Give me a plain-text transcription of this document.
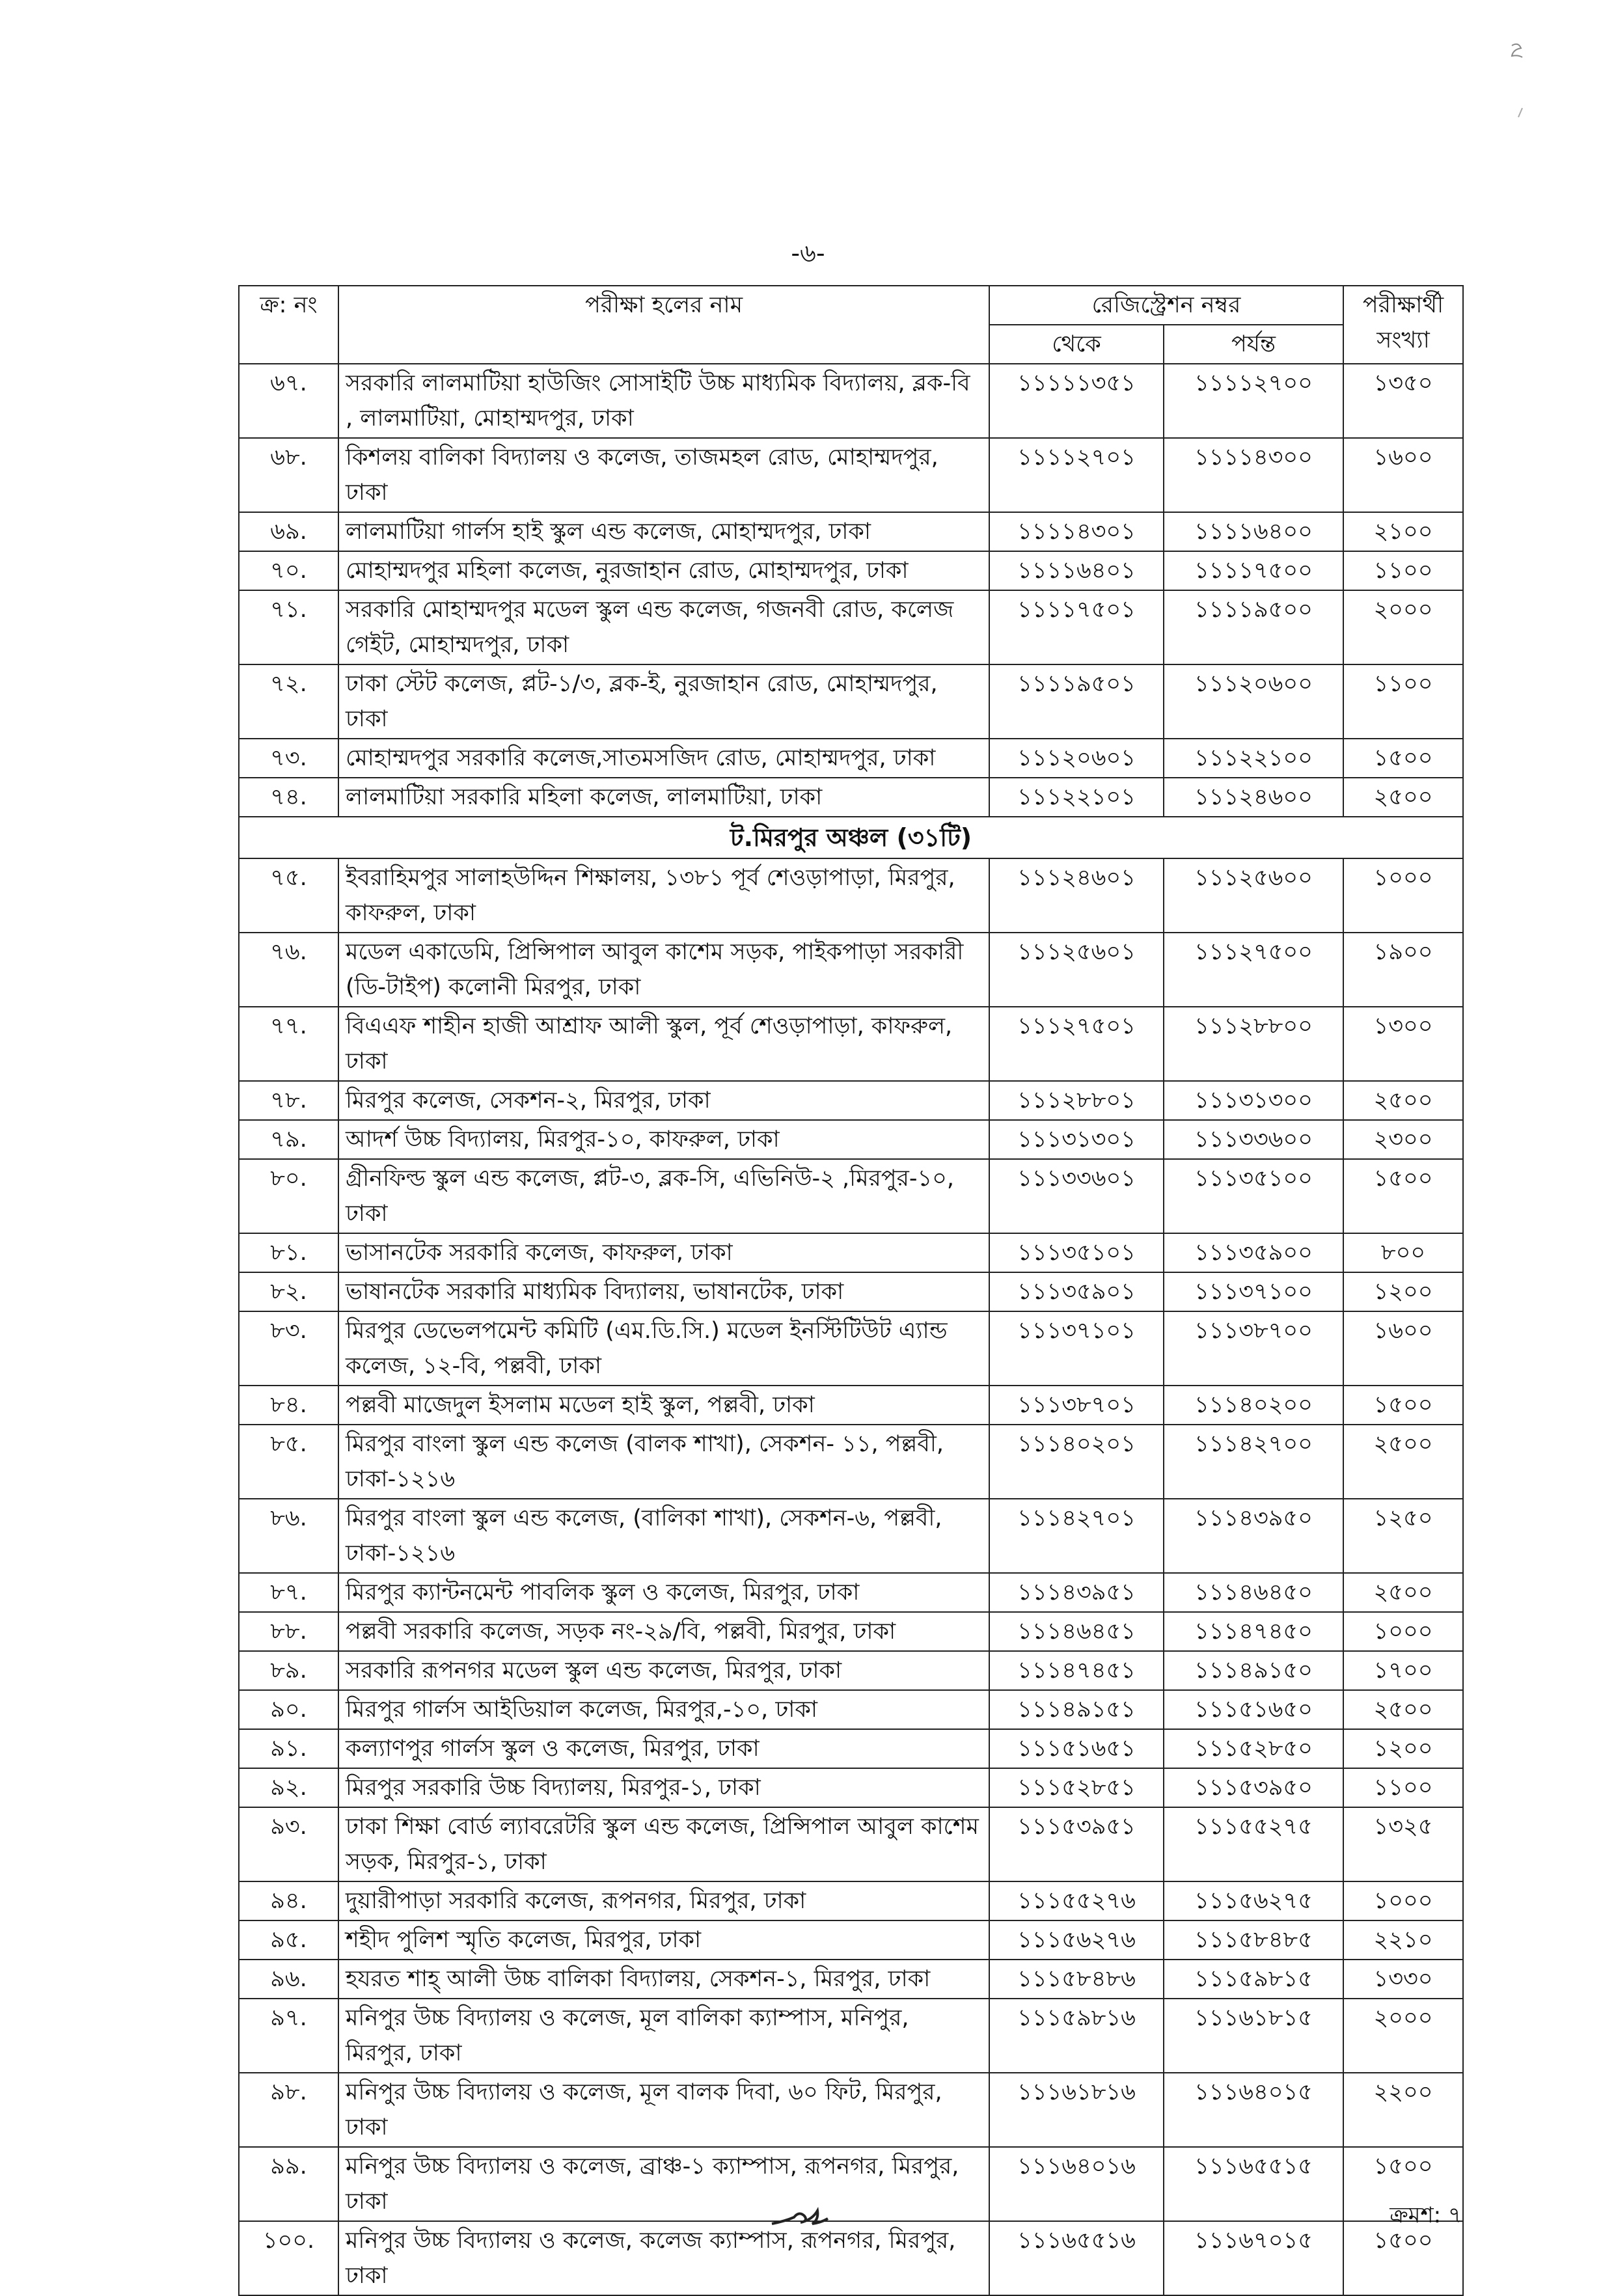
-৬-
ক্র: নং	পরীক্ষা হলের নাম	রেজিস্ট্রেশন নম্বর		পরীক্ষার্থী সংখ্যা
		থেকে	পর্যন্ত	
৬৭.	সরকারি লালমাটিয়া হাউজিং সোসাইটি উচ্চ মাধ্যমিক বিদ্যালয়, ব্লক-বি , লালমাটিয়া, মোহাম্মদপুর, ঢাকা	১১১১১৩৫১	১১১১২৭০০	১৩৫০
৬৮.	কিশলয় বালিকা বিদ্যালয় ও কলেজ, তাজমহল রোড, মোহাম্মদপুর, ঢাকা	১১১১২৭০১	১১১১৪৩০০	১৬০০
৬৯.	লালমাটিয়া গার্লস হাই স্কুল এন্ড কলেজ, মোহাম্মদপুর, ঢাকা	১১১১৪৩০১	১১১১৬৪০০	২১০০
৭০.	মোহাম্মদপুর মহিলা কলেজ, নুরজাহান রোড, মোহাম্মদপুর, ঢাকা	১১১১৬৪০১	১১১১৭৫০০	১১০০
৭১.	সরকারি মোহাম্মদপুর মডেল স্কুল এন্ড কলেজ, গজনবী রোড, কলেজ গেইট, মোহাম্মদপুর, ঢাকা	১১১১৭৫০১	১১১১৯৫০০	২০০০
৭২.	ঢাকা স্টেট কলেজ, প্লট-১/৩, ব্লক-ই, নুরজাহান রোড, মোহাম্মদপুর, ঢাকা	১১১১৯৫০১	১১১২০৬০০	১১০০
৭৩.	মোহাম্মদপুর সরকারি কলেজ,সাতমসজিদ রোড, মোহাম্মদপুর, ঢাকা	১১১২০৬০১	১১১২২১০০	১৫০০
৭৪.	লালমাটিয়া সরকারি মহিলা কলেজ, লালমাটিয়া, ঢাকা	১১১২২১০১	১১১২৪৬০০	২৫০০
ট.মিরপুর অঞ্চল (৩১টি)				
৭৫.	ইবরাহিমপুর সালাহউদ্দিন শিক্ষালয়, ১৩৮১ পূর্ব শেওড়াপাড়া, মিরপুর, কাফরুল, ঢাকা	১১১২৪৬০১	১১১২৫৬০০	১০০০
৭৬.	মডেল একাডেমি, প্রিন্সিপাল আবুল কাশেম সড়ক, পাইকপাড়া সরকারী (ডি-টাইপ) কলোনী মিরপুর, ঢাকা	১১১২৫৬০১	১১১২৭৫০০	১৯০০
৭৭.	বিএএফ শাহীন হাজী আশ্রাফ আলী স্কুল, পূর্ব শেওড়াপাড়া, কাফরুল, ঢাকা	১১১২৭৫০১	১১১২৮৮০০	১৩০০
৭৮.	মিরপুর কলেজ, সেকশন-২, মিরপুর, ঢাকা	১১১২৮৮০১	১১১৩১৩০০	২৫০০
৭৯.	আদর্শ উচ্চ বিদ্যালয়, মিরপুর-১০, কাফরুল, ঢাকা	১১১৩১৩০১	১১১৩৩৬০০	২৩০০
৮০.	গ্রীনফিল্ড স্কুল এন্ড কলেজ, প্লট-৩, ব্লক-সি, এভিনিউ-২ ,মিরপুর-১০, ঢাকা	১১১৩৩৬০১	১১১৩৫১০০	১৫০০
৮১.	ভাসানটেক সরকারি কলেজ, কাফরুল, ঢাকা	১১১৩৫১০১	১১১৩৫৯০০	৮০০
৮২.	ভাষানটেক সরকারি মাধ্যমিক বিদ্যালয়, ভাষানটেক, ঢাকা	১১১৩৫৯০১	১১১৩৭১০০	১২০০
৮৩.	মিরপুর ডেভেলপমেন্ট কমিটি (এম.ডি.সি.) মডেল ইনস্টিটিউট এ্যান্ড কলেজ, ১২-বি, পল্লবী, ঢাকা	১১১৩৭১০১	১১১৩৮৭০০	১৬০০
৮৪.	পল্লবী মাজেদুল ইসলাম মডেল হাই স্কুল, পল্লবী, ঢাকা	১১১৩৮৭০১	১১১৪০২০০	১৫০০
৮৫.	মিরপুর বাংলা স্কুল এন্ড কলেজ (বালক শাখা), সেকশন- ১১, পল্লবী, ঢাকা-১২১৬	১১১৪০২০১	১১১৪২৭০০	২৫০০
৮৬.	মিরপুর বাংলা স্কুল এন্ড কলেজ, (বালিকা শাখা), সেকশন-৬, পল্লবী, ঢাকা-১২১৬	১১১৪২৭০১	১১১৪৩৯৫০	১২৫০
৮৭.	মিরপুর ক্যান্টনমেন্ট পাবলিক স্কুল ও কলেজ, মিরপুর, ঢাকা	১১১৪৩৯৫১	১১১৪৬৪৫০	২৫০০
৮৮.	পল্লবী সরকারি কলেজ, সড়ক নং-২৯/বি, পল্লবী, মিরপুর, ঢাকা	১১১৪৬৪৫১	১১১৪৭৪৫০	১০০০
৮৯.	সরকারি রূপনগর মডেল স্কুল এন্ড কলেজ, মিরপুর, ঢাকা	১১১৪৭৪৫১	১১১৪৯১৫০	১৭০০
৯০.	মিরপুর গার্লস আইডিয়াল কলেজ, মিরপুর,-১০, ঢাকা	১১১৪৯১৫১	১১১৫১৬৫০	২৫০০
৯১.	কল্যাণপুর গার্লস স্কুল ও কলেজ, মিরপুর, ঢাকা	১১১৫১৬৫১	১১১৫২৮৫০	১২০০
৯২.	মিরপুর সরকারি উচ্চ বিদ্যালয়, মিরপুর-১, ঢাকা	১১১৫২৮৫১	১১১৫৩৯৫০	১১০০
৯৩.	ঢাকা শিক্ষা বোর্ড ল্যাবরেটরি স্কুল এন্ড কলেজ, প্রিন্সিপাল আবুল কাশেম সড়ক, মিরপুর-১, ঢাকা	১১১৫৩৯৫১	১১১৫৫২৭৫	১৩২৫
৯৪.	দুয়ারীপাড়া সরকারি কলেজ, রূপনগর, মিরপুর, ঢাকা	১১১৫৫২৭৬	১১১৫৬২৭৫	১০০০
৯৫.	শহীদ পুলিশ স্মৃতি কলেজ, মিরপুর, ঢাকা	১১১৫৬২৭৬	১১১৫৮৪৮৫	২২১০
৯৬.	হযরত শাহ্ আলী উচ্চ বালিকা বিদ্যালয়, সেকশন-১, মিরপুর, ঢাকা	১১১৫৮৪৮৬	১১১৫৯৮১৫	১৩৩০
৯৭.	মনিপুর উচ্চ বিদ্যালয় ও কলেজ, মূল বালিকা ক্যাম্পাস, মনিপুর, মিরপুর, ঢাকা	১১১৫৯৮১৬	১১১৬১৮১৫	২০০০
৯৮.	মনিপুর উচ্চ বিদ্যালয় ও কলেজ, মূল বালক দিবা, ৬০ ফিট, মিরপুর, ঢাকা	১১১৬১৮১৬	১১১৬৪০১৫	২২০০
৯৯.	মনিপুর উচ্চ বিদ্যালয় ও কলেজ, ব্রাঞ্চ-১ ক্যাম্পাস, রূপনগর, মিরপুর, ঢাকা	১১১৬৪০১৬	১১১৬৫৫১৫	১৫০০
১০০.	মনিপুর উচ্চ বিদ্যালয় ও কলেজ, কলেজ ক্যাম্পাস, রূপনগর, মিরপুর, ঢাকা	১১১৬৫৫১৬	১১১৬৭০১৫	১৫০০
ক্রমশ: ৭
